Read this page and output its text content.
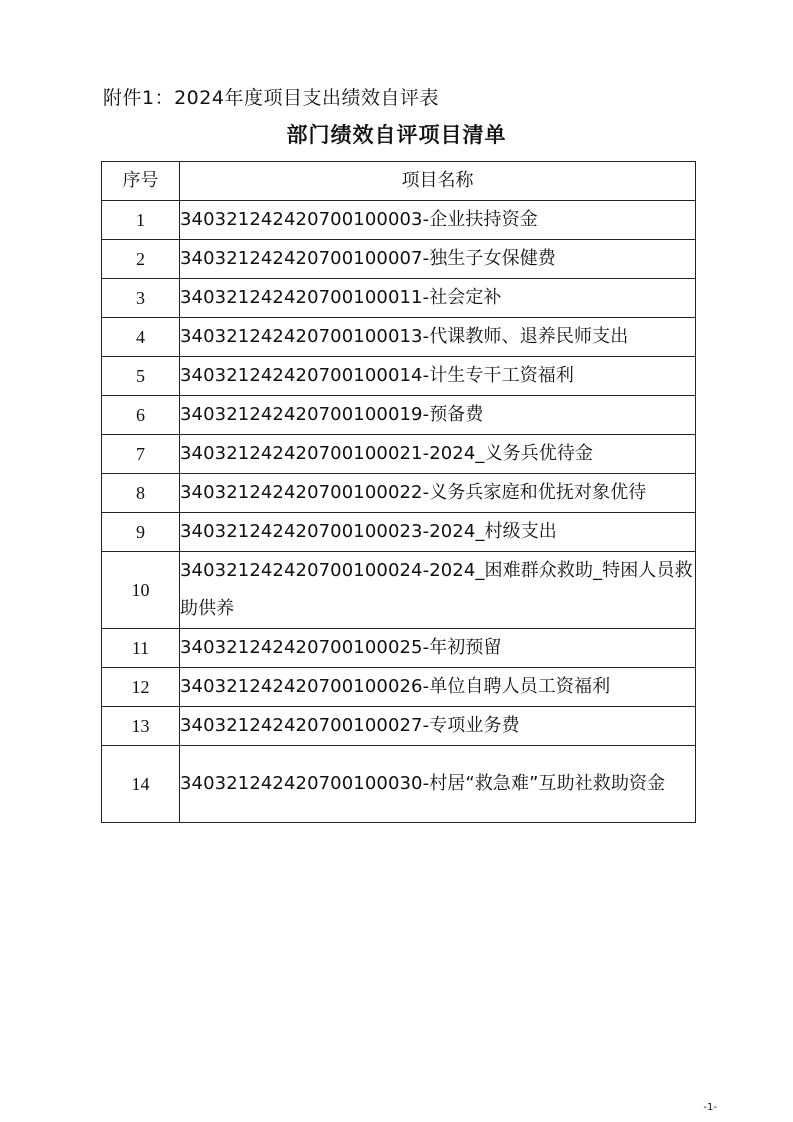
附件1：2024年度项目支出绩效自评表
部门绩效自评项目清单
序号	项目名称
1	340321242420700100003-企业扶持资金
2	340321242420700100007-独生子女保健费
3	340321242420700100011-社会定补
4	340321242420700100013-代课教师、退养民师支出
5	340321242420700100014-计生专干工资福利
6	340321242420700100019-预备费
7	340321242420700100021-2024_义务兵优待金
8	340321242420700100022-义务兵家庭和优抚对象优待
9	340321242420700100023-2024_村级支出
10	340321242420700100024-2024_困难群众救助_特困人员救助供养
11	340321242420700100025-年初预留
12	340321242420700100026-单位自聘人员工资福利
13	340321242420700100027-专项业务费
14	340321242420700100030-村居“救急难”互助社救助资金
-1-
